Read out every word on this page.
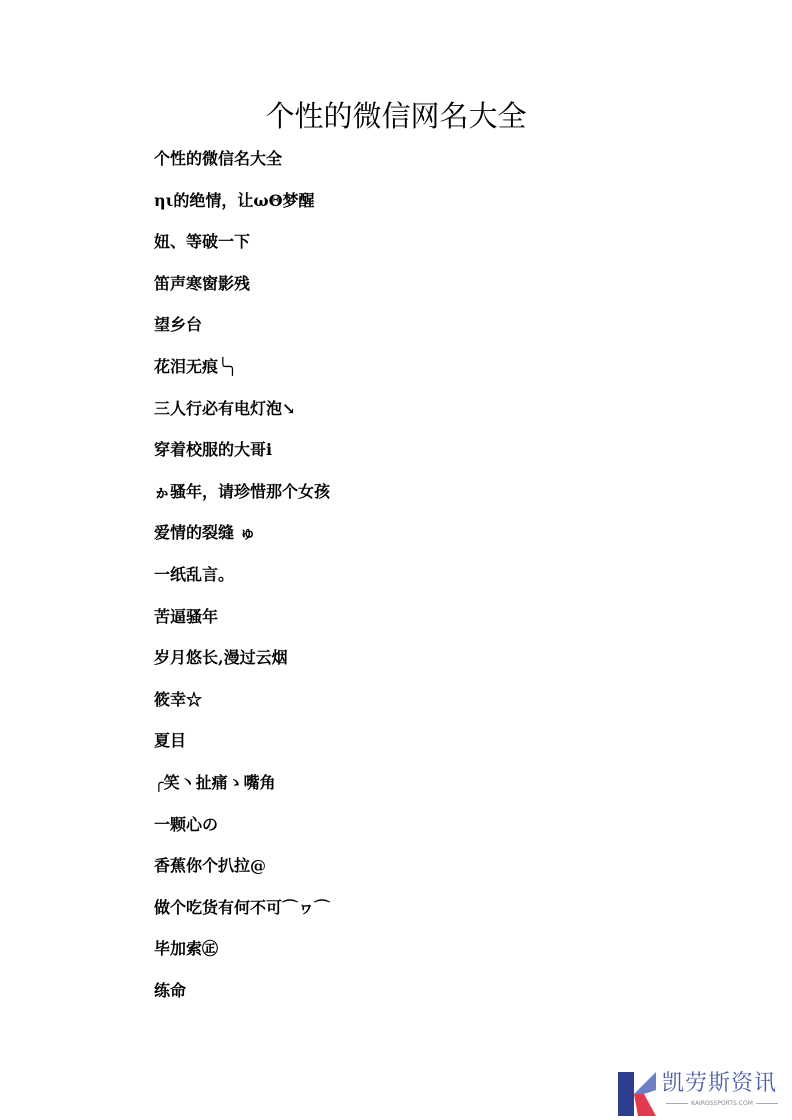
个性的微信网名大全
个性的微信名大全
ηι的绝情，让ωΘ梦醒
妞、等破一下
笛声寒窗影残
望乡台
花泪无痕╰╮
三人行必有电灯泡↘
穿着校服的大哥i
ゕ骚年，请珍惜那个女孩
爱情的裂缝 ゅ
一纸乱言。
苦逼骚年
岁月悠长,漫过云烟
筱幸☆
夏目
╭笑丶扯痛ゝ嘴角
一颗心の
香蕉你个扒拉@
做个吃货有何不可⌒ヮ⌒
毕加索㊣
练命
凯劳斯资讯
KAIROSSPORTS.COM
